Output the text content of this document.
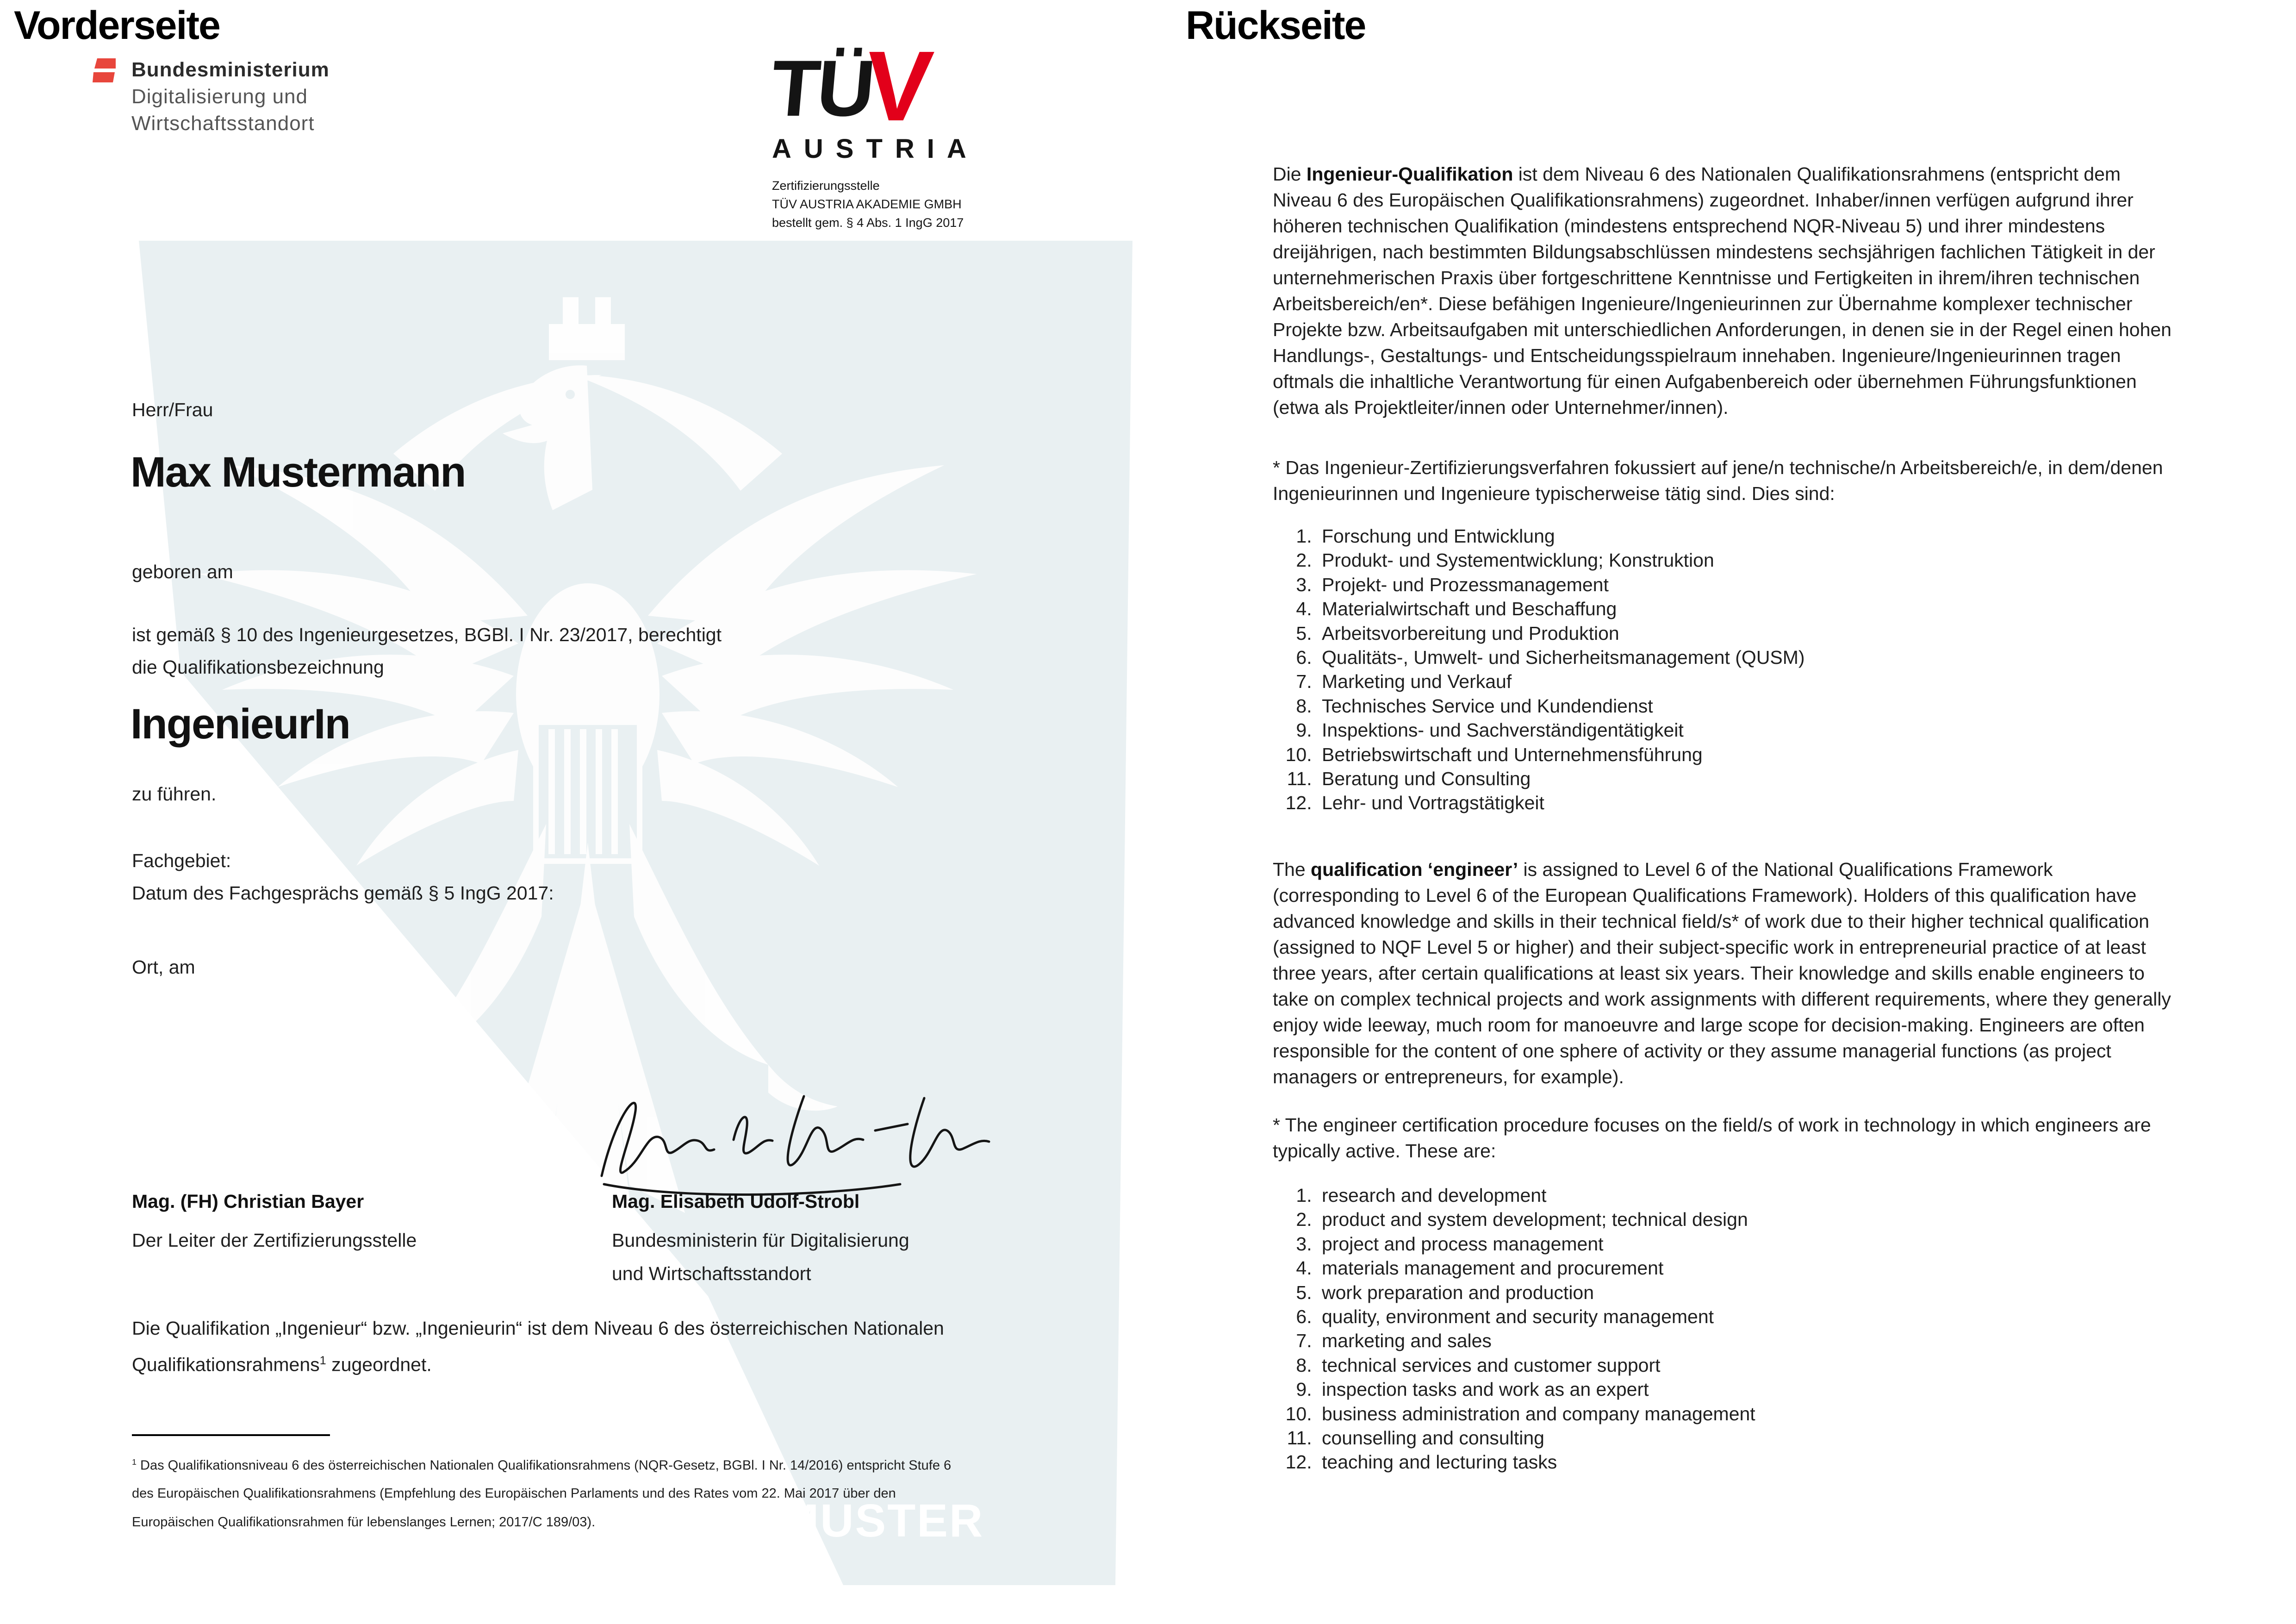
MUSTER
Vorderseite
Bundesministerium
Digitalisierung und
Wirtschaftsstandort	TÜV
AUSTRIA
Zertifizierungsstelle
TÜV AUSTRIA AKADEMIE GMBH
bestellt gem. § 4 Abs. 1 IngG 2017
Herr/Frau
Max Mustermann
geboren am
ist gemäß § 10 des Ingenieurgesetzes, BGBl. I Nr. 23/2017, berechtigt
die Qualifikationsbezeichnung
IngenieurIn
zu führen.
Fachgebiet:
Datum des Fachgesprächs gemäß § 5 IngG 2017:
Ort, am
Mag. (FH) Christian Bayer
Der Leiter der Zertifizierungsstelle
Mag. Elisabeth Udolf-Strobl
Bundesministerin für Digitalisierung
und Wirtschaftsstandort
Die Qualifikation „Ingenieur“ bzw. „Ingenieurin“ ist dem Niveau 6 des österreichischen Nationalen Qualifikationsrahmens$^1$ zugeordnet.
$^1$ Das Qualifikationsniveau 6 des österreichischen Nationalen Qualifikationsrahmens (NQR-Gesetz, BGBl. I Nr. 14/2016) entspricht Stufe 6
des Europäischen Qualifikationsrahmens (Empfehlung des Europäischen Parlaments und des Rates vom 22. Mai 2017 über den
Europäischen Qualifikationsrahmen für lebenslanges Lernen; 2017/C 189/03).
Rückseite
Die Ingenieur-Qualifikation ist dem Niveau 6 des Nationalen Qualifikationsrahmens (entspricht dem Niveau 6 des Europäischen Qualifikationsrahmens) zugeordnet. Inhaber/innen verfügen aufgrund ihrer höheren technischen Qualifikation (mindestens entsprechend NQR-Niveau 5) und ihrer mindestens dreijährigen, nach bestimmten Bildungsabschlüssen mindestens sechsjährigen fachlichen Tätigkeit in der unternehmerischen Praxis über fortgeschrittene Kenntnisse und Fertigkeiten in ihrem/ihren technischen Arbeitsbereich/en*. Diese befähigen Ingenieure/Ingenieurinnen zur Übernahme komplexer technischer Projekte bzw. Arbeitsaufgaben mit unterschiedlichen Anforderungen, in denen sie in der Regel einen hohen Handlungs-, Gestaltungs- und Entscheidungsspielraum innehaben. Ingenieure/Ingenieurinnen tragen oftmals die inhaltliche Verantwortung für einen Aufgabenbereich oder übernehmen Führungsfunktionen (etwa als Projektleiter/innen oder Unternehmer/innen).
* Das Ingenieur-Zertifizierungsverfahren fokussiert auf jene/n technische/n Arbeitsbereich/e, in dem/denen Ingenieurinnen und Ingenieure typischerweise tätig sind. Dies sind:
1. Forschung und Entwicklung
2. Produkt- und Systementwicklung; Konstruktion
3. Projekt- und Prozessmanagement
4. Materialwirtschaft und Beschaffung
5. Arbeitsvorbereitung und Produktion
6. Qualitäts-, Umwelt- und Sicherheitsmanagement (QUSM)
7. Marketing und Verkauf
8. Technisches Service und Kundendienst
9. Inspektions- und Sachverständigentätigkeit
10. Betriebswirtschaft und Unternehmensführung
11. Beratung und Consulting
12. Lehr- und Vortragstätigkeit
The qualification ‘engineer’ is assigned to Level 6 of the National Qualifications Framework (corresponding to Level 6 of the European Qualifications Framework). Holders of this qualification have advanced knowledge and skills in their technical field/s* of work due to their higher technical qualification (assigned to NQF Level 5 or higher) and their subject-specific work in entrepreneurial practice of at least three years, after certain qualifications at least six years. Their knowledge and skills enable engineers to take on complex technical projects and work assignments with different requirements, where they generally enjoy wide leeway, much room for manoeuvre and large scope for decision-making. Engineers are often responsible for the content of one sphere of activity or they assume managerial functions (as project managers or entrepreneurs, for example).
* The engineer certification procedure focuses on the field/s of work in technology in which engineers are typically active. These are:
1. research and development
2. product and system development; technical design
3. project and process management
4. materials management and procurement
5. work preparation and production
6. quality, environment and security management
7. marketing and sales
8. technical services and customer support
9. inspection tasks and work as an expert
10. business administration and company management
11. counselling and consulting
12. teaching and lecturing tasks
